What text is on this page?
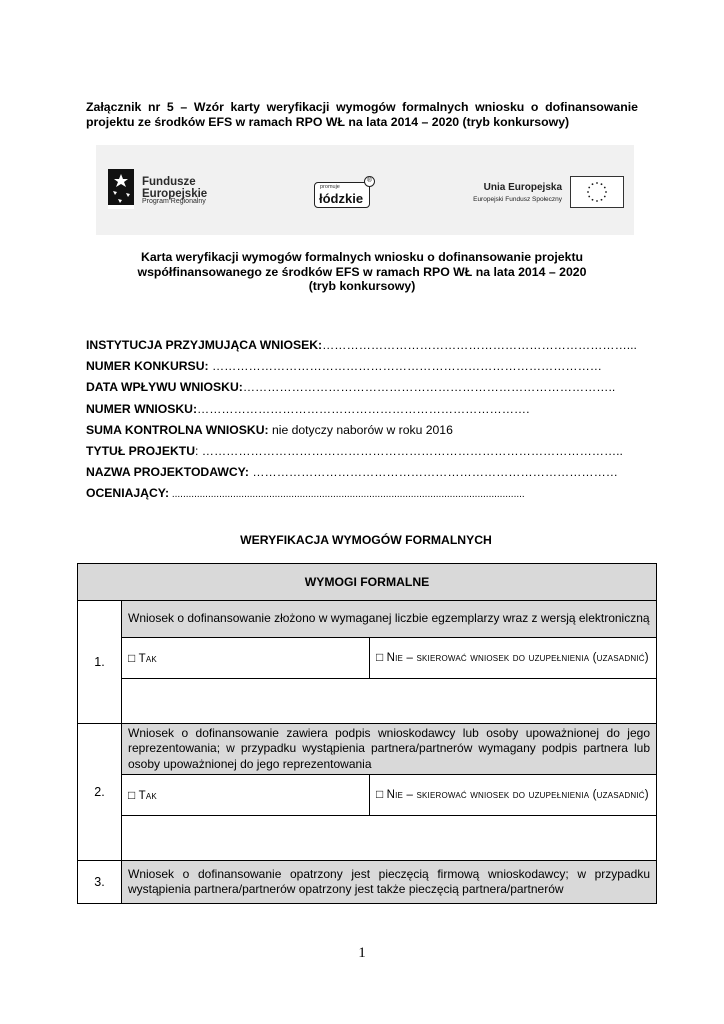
Załącznik nr 5 – Wzór karty weryfikacji wymogów formalnych wniosku o dofinansowanie projektu ze środków EFS w ramach RPO WŁ na lata 2014 – 2020 (tryb konkursowy)
Fundusze
Europejskie
Program Regionalny
promuje
łódzkie
®
Unia Europejska
Europejski Fundusz Społeczny
Karta weryfikacji wymogów formalnych wniosku o dofinansowanie projektu
współfinansowanego ze środków EFS w ramach RPO WŁ na lata 2014 – 2020
(tryb konkursowy)
INSTYTUCJA PRZYJMUJĄCA WNIOSEK:…………………………………………………………………...
NUMER KONKURSU: ……………………………………………………………………………………
DATA WPŁYWU WNIOSKU:………………………………………………………………………………..
NUMER WNIOSKU:……………………………………………………………………….
SUMA KONTROLNA WNIOSKU: nie dotyczy naborów w roku 2016
TYTUŁ PROJEKTU: …………………………………………………………………………………………..
NAZWA PROJEKTODAWCY: ………………………………………………………………………………
OCENIAJĄCY: ...............................................................................................................................
WERYFIKACJA WYMOGÓW FORMALNYCH
WYMOGI FORMALNE		
1.	Wniosek o dofinansowanie złożono w wymaganej liczbie egzemplarzy wraz z wersją elektroniczną	
	□ Tak	□ Nie – skierować wniosek do uzupełnienia (uzasadnić)

2.	Wniosek o dofinansowanie zawiera podpis wnioskodawcy lub osoby upoważnionej do jego reprezentowania; w przypadku wystąpienia partnera/partnerów wymagany podpis partnera lub osoby upoważnionej do jego reprezentowania	
	□ Tak	□ Nie – skierować wniosek do uzupełnienia (uzasadnić)

3.	Wniosek o dofinansowanie opatrzony jest pieczęcią firmową wnioskodawcy; w przypadku wystąpienia partnera/partnerów opatrzony jest także pieczęcią partnera/partnerów	
1
